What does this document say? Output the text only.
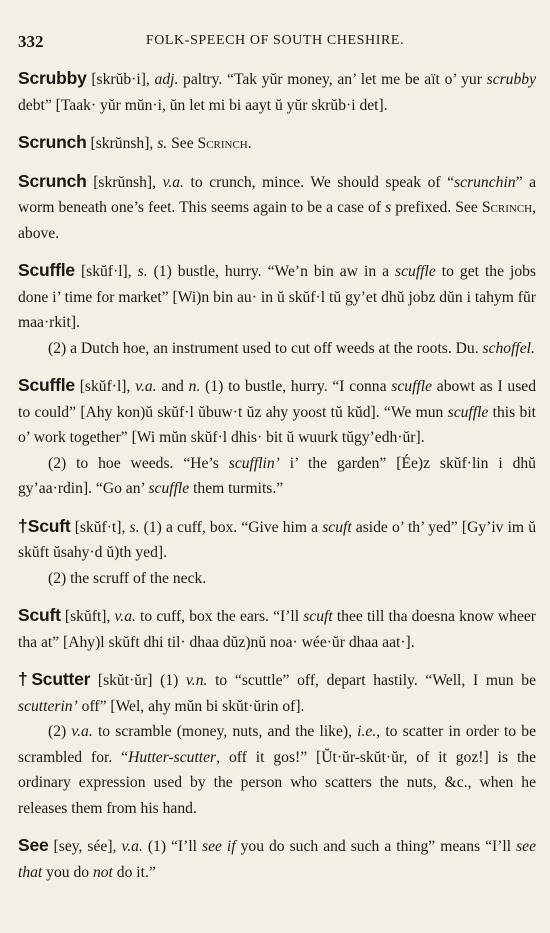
332	FOLK-SPEECH OF SOUTH CHESHIRE.

Scrubby [skrŭb·i], adj. paltry. “Tak yŭr money, an’ let me be aït o’ yur scrubby debt” [Taak· yŭr mŭn·i, ŭn let mi bi aayt ŭ yŭr skrŭb·i det].

Scrunch [skrŭnsh], s. See Scrinch.

Scrunch [skrŭnsh], v.a. to crunch, mince. We should speak of “scrunchin” a worm beneath one’s feet. This seems again to be a case of s prefixed. See Scrinch, above.

Scuffle [skŭf·l], s. (1) bustle, hurry. “We’n bin aw in a scuffle to get the jobs done i’ time for market” [Wi)n bin au· in ŭ skŭf·l tŭ gy’et dhŭ jobz dŭn i tahym fŭr maa·rkit].

(2) a Dutch hoe, an instrument used to cut off weeds at the roots. Du. schoffel.

Scuffle [skŭf·l], v.a. and n. (1) to bustle, hurry. “I conna scuffle abowt as I used to could” [Ahy kon)ŭ skŭf·l ŭbuw·t ŭz ahy yoost tŭ kŭd]. “We mun scuffle this bit o’ work together” [Wi mŭn skŭf·l dhis· bit ŭ wuurk tŭgy’edh·ŭr].

(2) to hoe weeds. “He’s scufflin’ i’ the garden” [Ée)z skŭf·lin i dhŭ gy’aa·rdin]. “Go an’ scuffle them turmits.”

†Scuft [skŭf·t], s. (1) a cuff, box. “Give him a scuft aside o’ th’ yed” [Gy’iv im ŭ skŭft ŭsahy·d ŭ)th yed].

(2) the scruff of the neck.

Scuft [skŭft], v.a. to cuff, box the ears. “I’ll scuft thee till tha doesna know wheer tha at” [Ahy)l skŭft dhi til· dhaa dŭz)nŭ noa· wée·ŭr dhaa aat·].

†Scutter [skŭt·ŭr] (1) v.n. to “scuttle” off, depart hastily. “Well, I mun be scutterin’ off” [Wel, ahy mŭn bi skŭt·ŭrin of].

(2) v.a. to scramble (money, nuts, and the like), i.e., to scatter in order to be scrambled for. “Hutter-scutter, off it gos!” [Ŭt·ŭr-skŭt·ŭr, of it goz!] is the ordinary expression used by the person who scatters the nuts, &c., when he releases them from his hand.

See [sey, sée], v.a. (1) “I’ll see if you do such and such a thing” means “I’ll see that you do not do it.”
